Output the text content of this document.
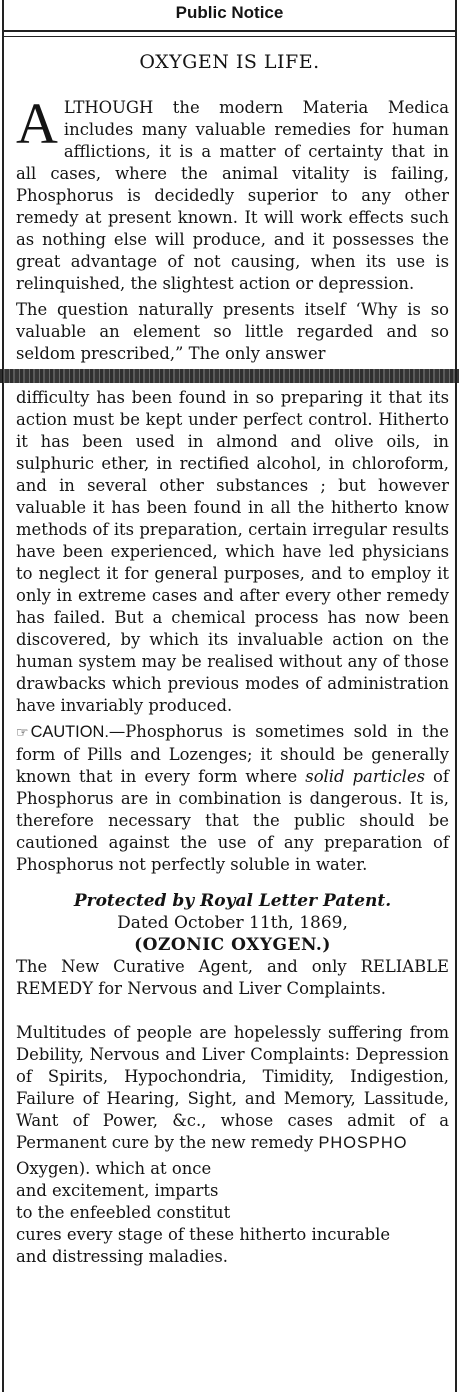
Public Notice
OXYGEN IS LIFE.

ALTHOUGH the modern Materia Medica includes many valuable remedies for human afflictions, it is a matter of certainty that in all cases, where the animal vitality is failing, Phosphorus is decidedly superior to any other remedy at present known. It will work effects such as nothing else will produce, and it possesses the great advantage of not causing, when its use is relinquished, the slightest action or depression.

The question naturally presents itself ‘Why is so valuable an element so little regarded and so seldom prescribed,” The only answer

difficulty has been found in so preparing it that its action must be kept under perfect control. Hitherto it has been used in almond and olive oils, in sulphuric ether, in rectified alcohol, in chloroform, and in several other substances ; but however valuable it has been found in all the hitherto know methods of its preparation, certain irregular results have been experienced, which have led physicians to neglect it for general purposes, and to employ it only in extreme cases and after every other remedy has failed. But a chemical process has now been discovered, by which its invaluable action on the human system may be realised without any of those drawbacks which previous modes of administration have invariably produced.

☞ CAUTION.—Phosphorus is sometimes sold in the form of Pills and Lozenges; it should be generally known that in every form where solid particles of Phosphorus are in combination is dangerous. It is, therefore necessary that the public should be cautioned against the use of any preparation of Phosphorus not perfectly soluble in water.

Protected by Royal Letter Patent.
Dated October 11th, 1869,
(OZONIC OXYGEN.)

The New Curative Agent, and only RELIABLE REMEDY for Nervous and Liver Complaints.

Multitudes of people are hopelessly suffering from Debility, Nervous and Liver Complaints: Depression of Spirits, Hypochondria, Timidity, Indigestion, Failure of Hearing, Sight, and Memory, Lassitude, Want of Power, &c., whose cases admit of a Permanent cure by the new remedy PHOSPHO

Oxygen). which at once
and excitement, imparts
to the enfeebled constitut
cures every stage of these hitherto incurable
and distressing maladies.
